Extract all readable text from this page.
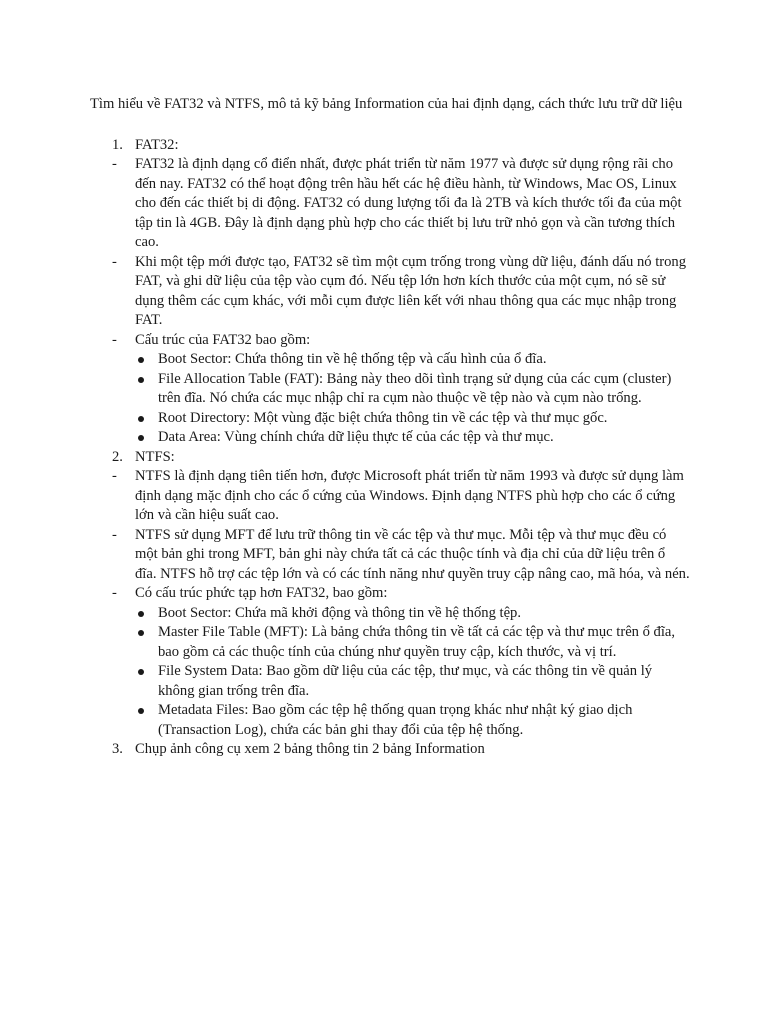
Tìm hiểu về FAT32 và NTFS, mô tả kỹ bảng Information của hai định dạng, cách thức lưu trữ dữ liệu

1. FAT32:
- FAT32 là định dạng cổ điển nhất, được phát triển từ năm 1977 và được sử dụng rộng rãi cho đến nay. FAT32 có thể hoạt động trên hầu hết các hệ điều hành, từ Windows, Mac OS, Linux cho đến các thiết bị di động. FAT32 có dung lượng tối đa là 2TB và kích thước tối đa của một tập tin là 4GB. Đây là định dạng phù hợp cho các thiết bị lưu trữ nhỏ gọn và cần tương thích cao.
- Khi một tệp mới được tạo, FAT32 sẽ tìm một cụm trống trong vùng dữ liệu, đánh dấu nó trong FAT, và ghi dữ liệu của tệp vào cụm đó. Nếu tệp lớn hơn kích thước của một cụm, nó sẽ sử dụng thêm các cụm khác, với mỗi cụm được liên kết với nhau thông qua các mục nhập trong FAT.
- Cấu trúc của FAT32 bao gồm:
Boot Sector: Chứa thông tin về hệ thống tệp và cấu hình của ổ đĩa.
File Allocation Table (FAT): Bảng này theo dõi tình trạng sử dụng của các cụm (cluster) trên đĩa. Nó chứa các mục nhập chỉ ra cụm nào thuộc về tệp nào và cụm nào trống.
Root Directory: Một vùng đặc biệt chứa thông tin về các tệp và thư mục gốc.
Data Area: Vùng chính chứa dữ liệu thực tế của các tệp và thư mục.
2. NTFS:
- NTFS là định dạng tiên tiến hơn, được Microsoft phát triển từ năm 1993 và được sử dụng làm định dạng mặc định cho các ổ cứng của Windows. Định dạng NTFS phù hợp cho các ổ cứng lớn và cần hiệu suất cao.
- NTFS sử dụng MFT để lưu trữ thông tin về các tệp và thư mục. Mỗi tệp và thư mục đều có một bản ghi trong MFT, bản ghi này chứa tất cả các thuộc tính và địa chỉ của dữ liệu trên ổ đĩa. NTFS hỗ trợ các tệp lớn và có các tính năng như quyền truy cập nâng cao, mã hóa, và nén.
- Có cấu trúc phức tạp hơn FAT32, bao gồm:
Boot Sector: Chứa mã khởi động và thông tin về hệ thống tệp.
Master File Table (MFT): Là bảng chứa thông tin về tất cả các tệp và thư mục trên ổ đĩa, bao gồm cả các thuộc tính của chúng như quyền truy cập, kích thước, và vị trí.
File System Data: Bao gồm dữ liệu của các tệp, thư mục, và các thông tin về quản lý không gian trống trên đĩa.
Metadata Files: Bao gồm các tệp hệ thống quan trọng khác như nhật ký giao dịch (Transaction Log), chứa các bản ghi thay đổi của tệp hệ thống.
3. Chụp ảnh công cụ xem 2 bảng thông tin 2 bảng Information
